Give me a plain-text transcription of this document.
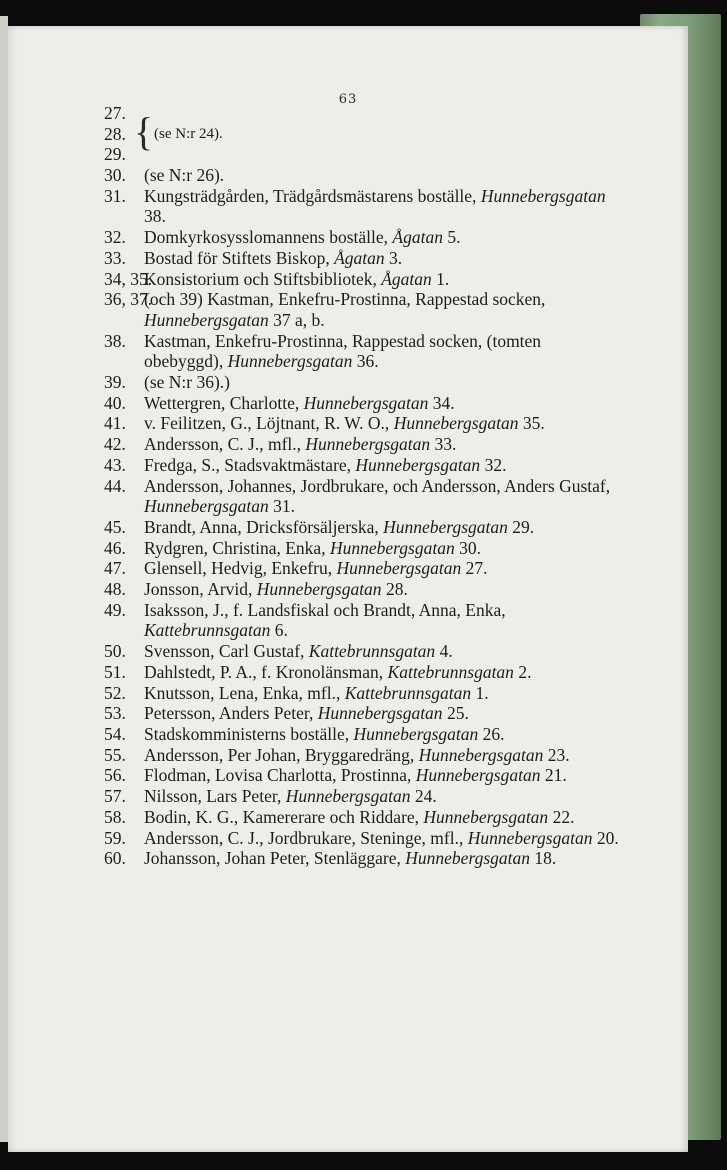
63
27.
28.
29.
{ (se N:r 24).
30. (se N:r 26).
31. Kungsträdgården, Trädgårdsmästarens boställe, Hunnebergsgatan 38.
32. Domkyrkosysslomannens boställe, Ågatan 5.
33. Bostad för Stiftets Biskop, Ågatan 3.
34, 35.
Konsistorium och Stiftsbibliotek, Ågatan 1.
36, 37.
(och 39) Kastman, Enkefru-Prostinna, Rappestad socken, Hunnebergsgatan 37 a, b.
38. Kastman, Enkefru-Prostinna, Rappestad socken, (tomten obebyggd), Hunnebergsgatan 36.
39. (se N:r 36).)
40. Wettergren, Charlotte, Hunnebergsgatan 34.
41. v. Feilitzen, G., Löjtnant, R. W. O., Hunnebergsgatan 35.
42. Andersson, C. J., mfl., Hunnebergsgatan 33.
43. Fredga, S., Stadsvaktmästare, Hunnebergsgatan 32.
44. Andersson, Johannes, Jordbrukare, och Andersson, Anders Gustaf, Hunnebergsgatan 31.
45. Brandt, Anna, Dricksförsäljerska, Hunnebergsgatan 29.
46. Rydgren, Christina, Enka, Hunnebergsgatan 30.
47. Glensell, Hedvig, Enkefru, Hunnebergsgatan 27.
48. Jonsson, Arvid, Hunnebergsgatan 28.
49. Isaksson, J., f. Landsfiskal och Brandt, Anna, Enka, Kattebrunnsgatan 6.
50. Svensson, Carl Gustaf, Kattebrunnsgatan 4.
51. Dahlstedt, P. A., f. Kronolänsman, Kattebrunnsgatan 2.
52. Knutsson, Lena, Enka, mfl., Kattebrunnsgatan 1.
53. Petersson, Anders Peter, Hunnebergsgatan 25.
54. Stadskomministerns boställe, Hunnebergsgatan 26.
55. Andersson, Per Johan, Bryggaredräng, Hunnebergsgatan 23.
56. Flodman, Lovisa Charlotta, Prostinna, Hunnebergsgatan 21.
57. Nilsson, Lars Peter, Hunnebergsgatan 24.
58. Bodin, K. G., Kamererare och Riddare, Hunnebergsgatan 22.
59. Andersson, C. J., Jordbrukare, Steninge, mfl., Hunnebergsgatan 20.
60. Johansson, Johan Peter, Stenläggare, Hunnebergsgatan 18.
